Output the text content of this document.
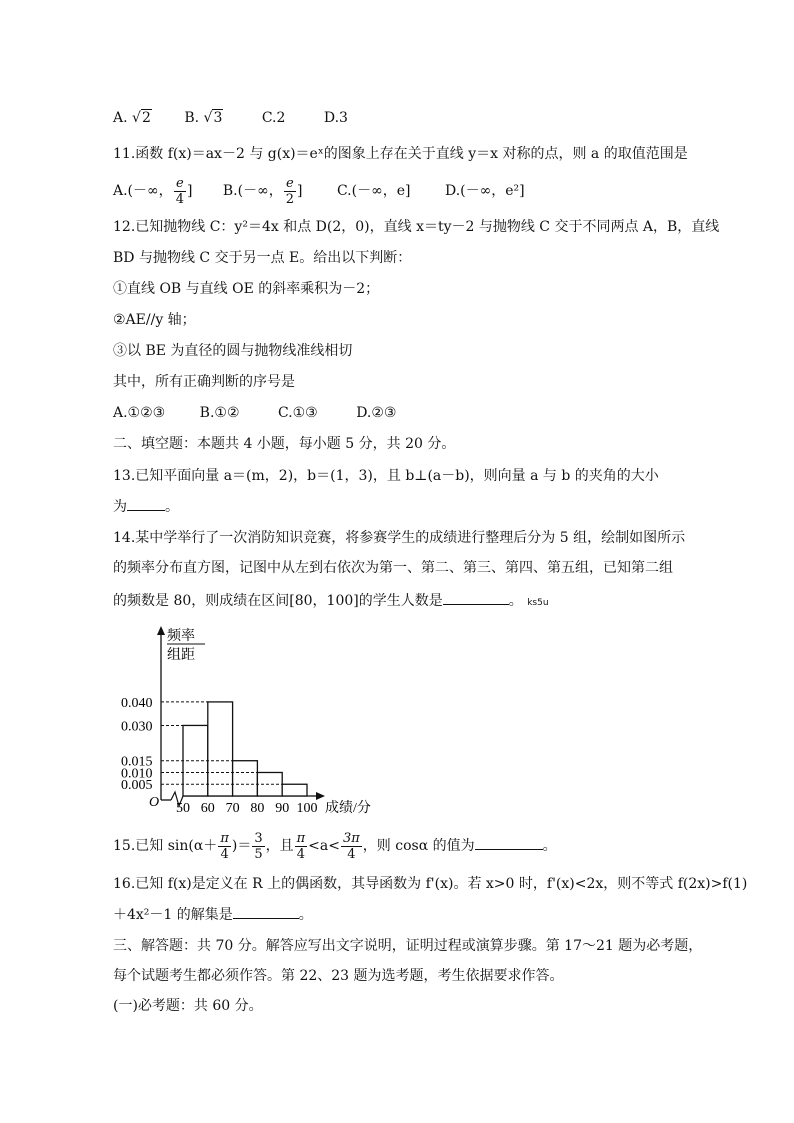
A. √2 B. √3	C.2	D.3
11.函数 f(x)＝ax－2 与 g(x)＝eˣ的图象上存在关于直线 y＝x 对称的点，则 a 的取值范围是
A.(－∞， $\frac{e}{4}$ ] B.(－∞， $\frac{e}{2}$ ] C.(－∞，e] D.(－∞，e²]
12.已知抛物线 C：y²＝4x 和点 D(2，0)，直线 x＝ty－2 与抛物线 C 交于不同两点 A，B，直线
BD 与抛物线 C 交于另一点 E。给出以下判断：
①直线 OB 与直线 OE 的斜率乘积为－2；
②AE//y 轴；
③以 BE 为直径的圆与抛物线准线相切
其中，所有正确判断的序号是
A.①②③ B.①②	C.①③	D.②③
二、填空题：本题共 4 小题，每小题 5 分，共 20 分。
13.已知平面向量 a＝(m，2)，b＝(1，3)，且 b⊥(a－b)，则向量 a 与 b 的夹角的大小
为	。
14.某中学举行了一次消防知识竞赛，将参赛学生的成绩进行整理后分为 5 组，绘制如图所示
的频率分布直方图，记图中从左到右依次为第一、第二、第三、第四、第五组，已知第二组
的频数是 80，则成绩在区间[80，100]的学生人数是	。 ks5u
频率
组距
O	成绩/分
0.040
0.030
0.015
0.010
0.005
50 60 70 80 90 100
15.已知 $\sin(\alpha+ \frac{\pi}{4}$ )＝ $\frac{3}{5}$ ，且 $\frac{\pi}{4} <a< \frac{3\pi}{4}$ ，则 cosα 的值为	。
16.已知 f(x)是定义在 R 上的偶函数，其导函数为 f'(x)。若 x>0 时，f'(x)<2x，则不等式 f(2x)>f(1)
＋4x²－1 的解集是	。
三、解答题：共 70 分。解答应写出文字说明，证明过程或演算步骤。第 17～21 题为必考题，
每个试题考生都必须作答。第 22、23 题为选考题，考生依据要求作答。
(一)必考题：共 60 分。
